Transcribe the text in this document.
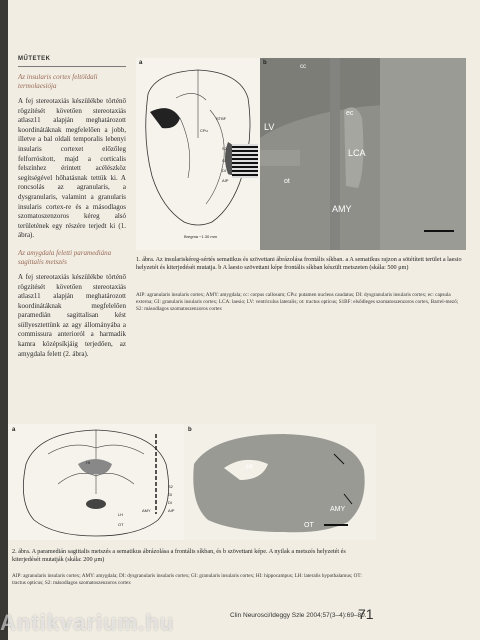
MŰTETEK

Az insularis cortex feltöldali termolaesiója

A fej stereotaxiás készülékbe történő rögzítését követően stereotaxiás atlasz11 alapján meghatározott koordinátáknak megfelelően a jobb, illetve a bal oldali temporalis lebenyi insularis cortexet előzőleg felforrósított, majd a corticalis felszínhez érintett acélészköz segítségével hőhatásnak tettük ki. A roncsolás az agranularis, a dysgranularis, valamint a granularis insularis cortex-re és a másodlagos szomatoszenzoros kéreg alsó területének egy részére terjedt ki (1. ábra).

Az amygdala feletti paramediána sagittalis metszés

A fej stereotaxiás készülékbe történő rögzítését követően stereotaxiás atlasz11 alapján meghatározott koordinátáknak megfelelően paramedián sagittalisan kést süllyesztettünk az agy állományába a commissura anterioról a harmadik kamra középsíkjáig terjedően, az amygdala felett (2. ábra).

a
STBF
S2
CPu
GI
DI
AIP
Bregma −1.30 mm
b
cc
LV
ec
LCA
ot
AMY
1. ábra. Az insulariskéreg-sértés sematikus és szövettani ábrázolása frontális síkban. a A sematikus rajzon a sötétített terület a laesio helyzetét és kiterjedését mutatja. b A laesio szövettani képe frontális síkban készült metszeten (skála: 500 μm)
AIP: agranularis insularis cortex; AMY: amygdala; cc: corpus callosum; CPu: putamen nucleus caudatus; DI: dysgranularis insularis cortex; ec: capsula externa; GI: granularis insularis cortex; LCA: laesio; LV: ventriculus lateralis; ot: tractus opticus; S1BF: elsődleges szomatoszenzoros cortex, Barrel-mező; S2: másodlagos szomatoszenzoros cortex
a
HI
LH
OT
AMY
S2
GI
DI
AIP
b
HI
AMY
OT
2. ábra. A paramedián sagittalis metszés a sematikus ábrázolása a frontális síkban, és b szövettani képe. A nyilak a metszés helyzetét és kiterjedését mutatják (skála: 200 μm)
AIP: agranularis insularis cortex; AMY: amygdala; DI: dysgranularis insularis cortex; GI: granularis insularis cortex; HI: hippocampus; LH: lateralis hypothalamus; OT: tractus opticus; S2: másodlagos szomatoszenzoros cortex
Clin Neurosci/Ideggy Szle 2004;57(3–4):69–80.
71
Antikvarium.hu
